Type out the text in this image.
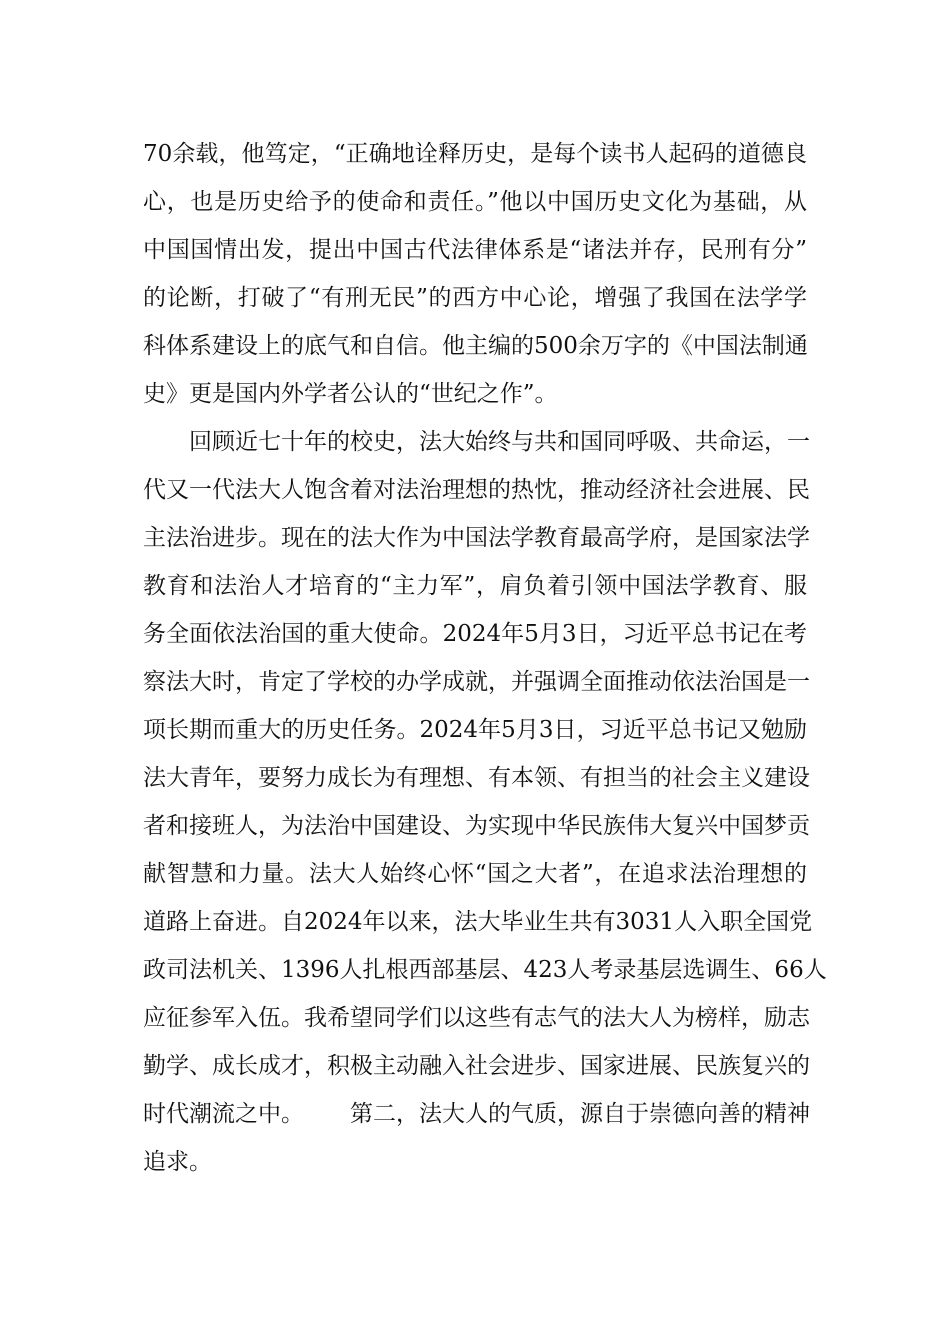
70余载，他笃定，“正确地诠释历史，是每个读书人起码的道德良
心，也是历史给予的使命和责任。”他以中国历史文化为基础，从
中国国情出发，提出中国古代法律体系是“诸法并存，民刑有分”
的论断，打破了“有刑无民”的西方中心论，增强了我国在法学学
科体系建设上的底气和自信。他主编的500余万字的《中国法制通
史》更是国内外学者公认的“世纪之作”。
回顾近七十年的校史，法大始终与共和国同呼吸、共命运，一
代又一代法大人饱含着对法治理想的热忱，推动经济社会进展、民
主法治进步。现在的法大作为中国法学教育最高学府，是国家法学
教育和法治人才培育的“主力军”，肩负着引领中国法学教育、服
务全面依法治国的重大使命。2024年5月3日，习近平总书记在考
察法大时，肯定了学校的办学成就，并强调全面推动依法治国是一
项长期而重大的历史任务。2024年5月3日，习近平总书记又勉励
法大青年，要努力成长为有理想、有本领、有担当的社会主义建设
者和接班人，为法治中国建设、为实现中华民族伟大复兴中国梦贡
献智慧和力量。法大人始终心怀“国之大者”，在追求法治理想的
道路上奋进。自2024年以来，法大毕业生共有3031人入职全国党
政司法机关、1396人扎根西部基层、423人考录基层选调生、66人
应征参军入伍。我希望同学们以这些有志气的法大人为榜样，励志
勤学、成长成才，积极主动融入社会进步、国家进展、民族复兴的
时代潮流之中。 第二，法大人的气质，源自于崇德向善的精神
追求。
